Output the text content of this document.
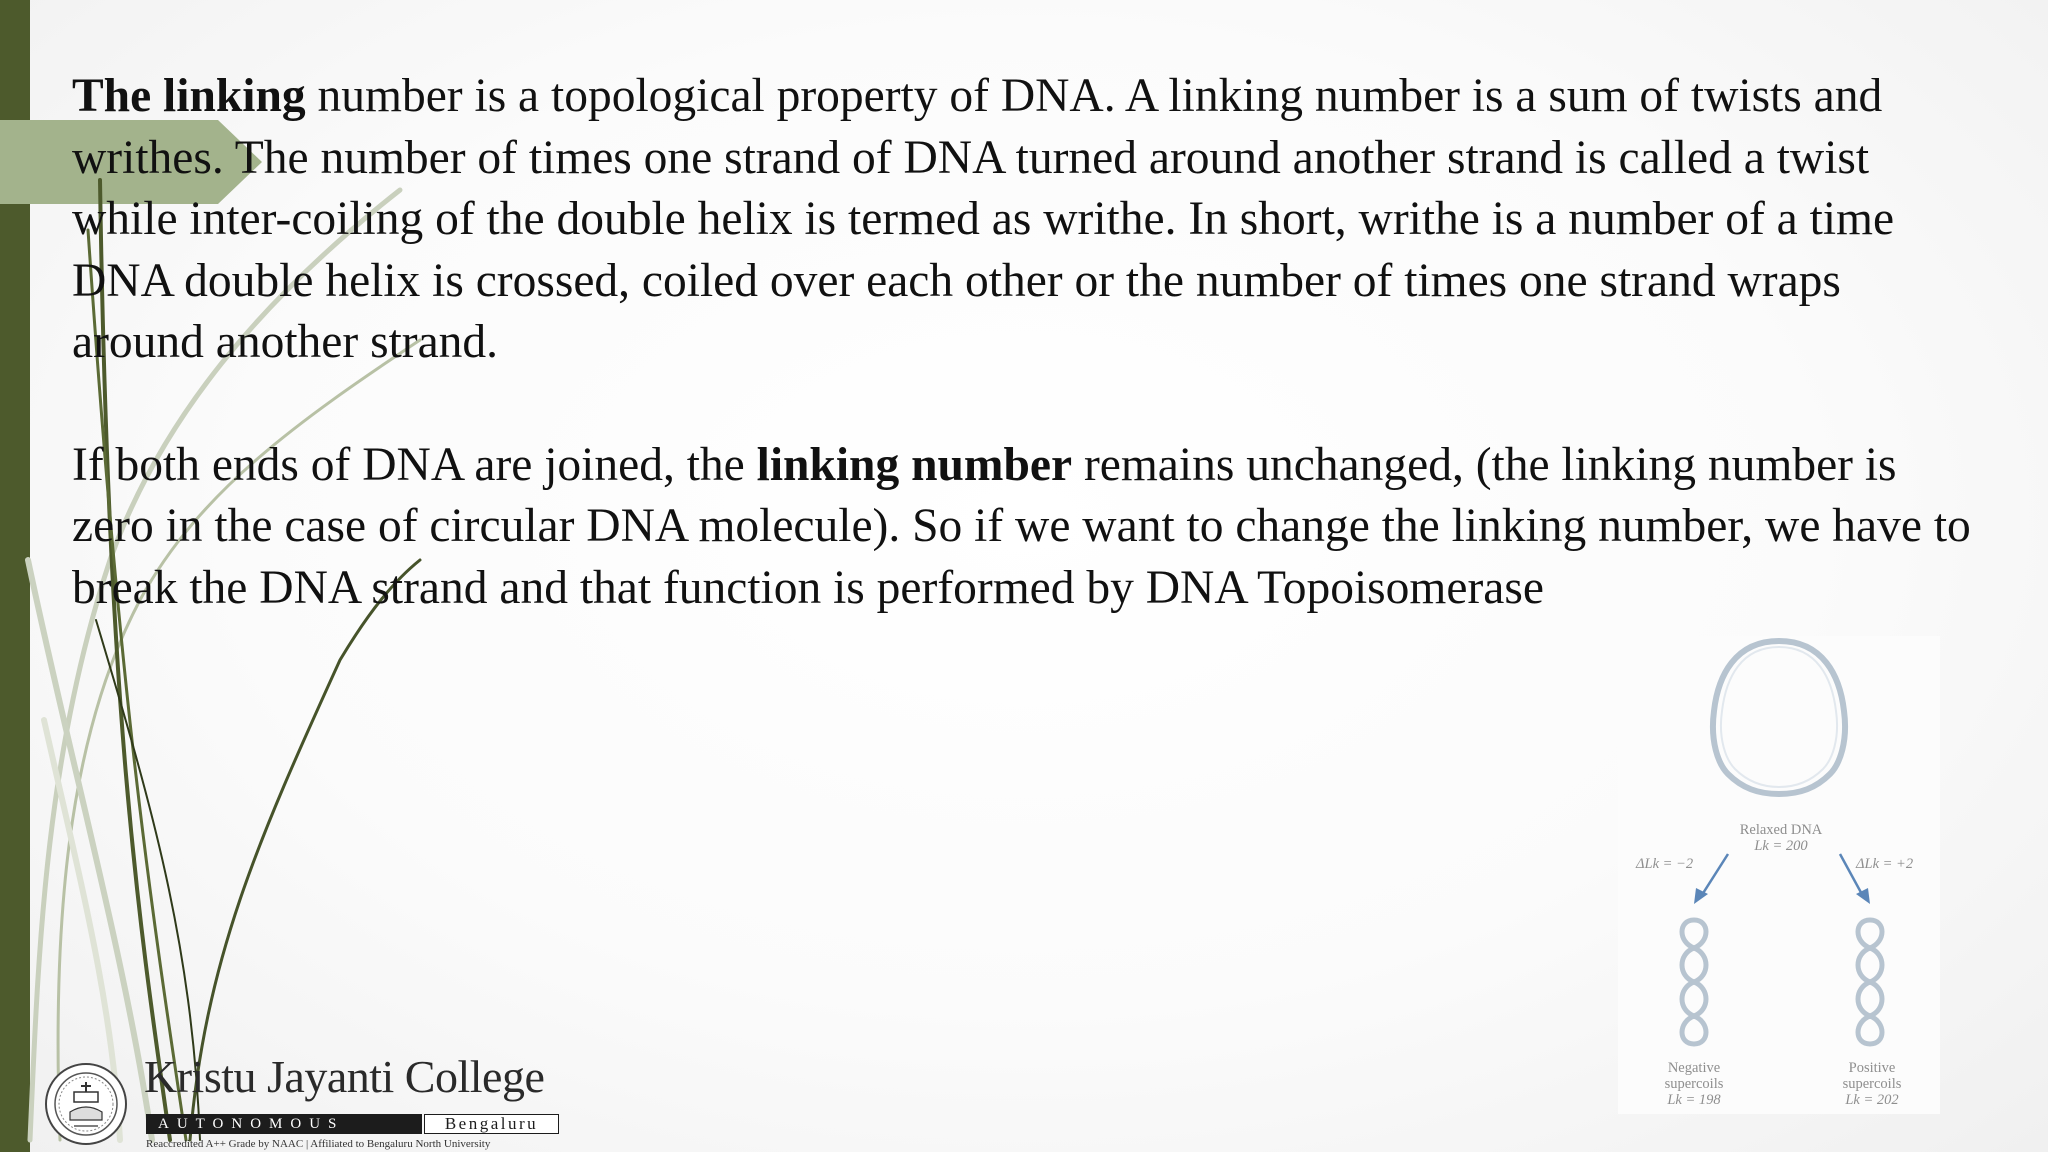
The linking number is a topological property of DNA. A linking number is a sum of twists and writhes. The number of times one strand of DNA turned around another strand is called a twist while inter-coiling of the double helix is termed as writhe. In short, writhe is a number of a time DNA double helix is crossed, coiled over each other or the number of times one strand wraps around another strand.

If both ends of DNA are joined, the linking number remains unchanged, (the linking number is zero in the case of circular DNA molecule). So if we want to change the linking number, we have to break the DNA strand and that function is performed by DNA Topoisomerase

Relaxed DNA
Lk = 200
ΔLk = −2	ΔLk = +2
Negative
supercoils
Lk = 198
Positive
supercoils
Lk = 202
Kristu Jayanti College
AUTONOMOUS	Bengaluru
Reaccredited A++ Grade by NAAC | Affiliated to Bengaluru North University
